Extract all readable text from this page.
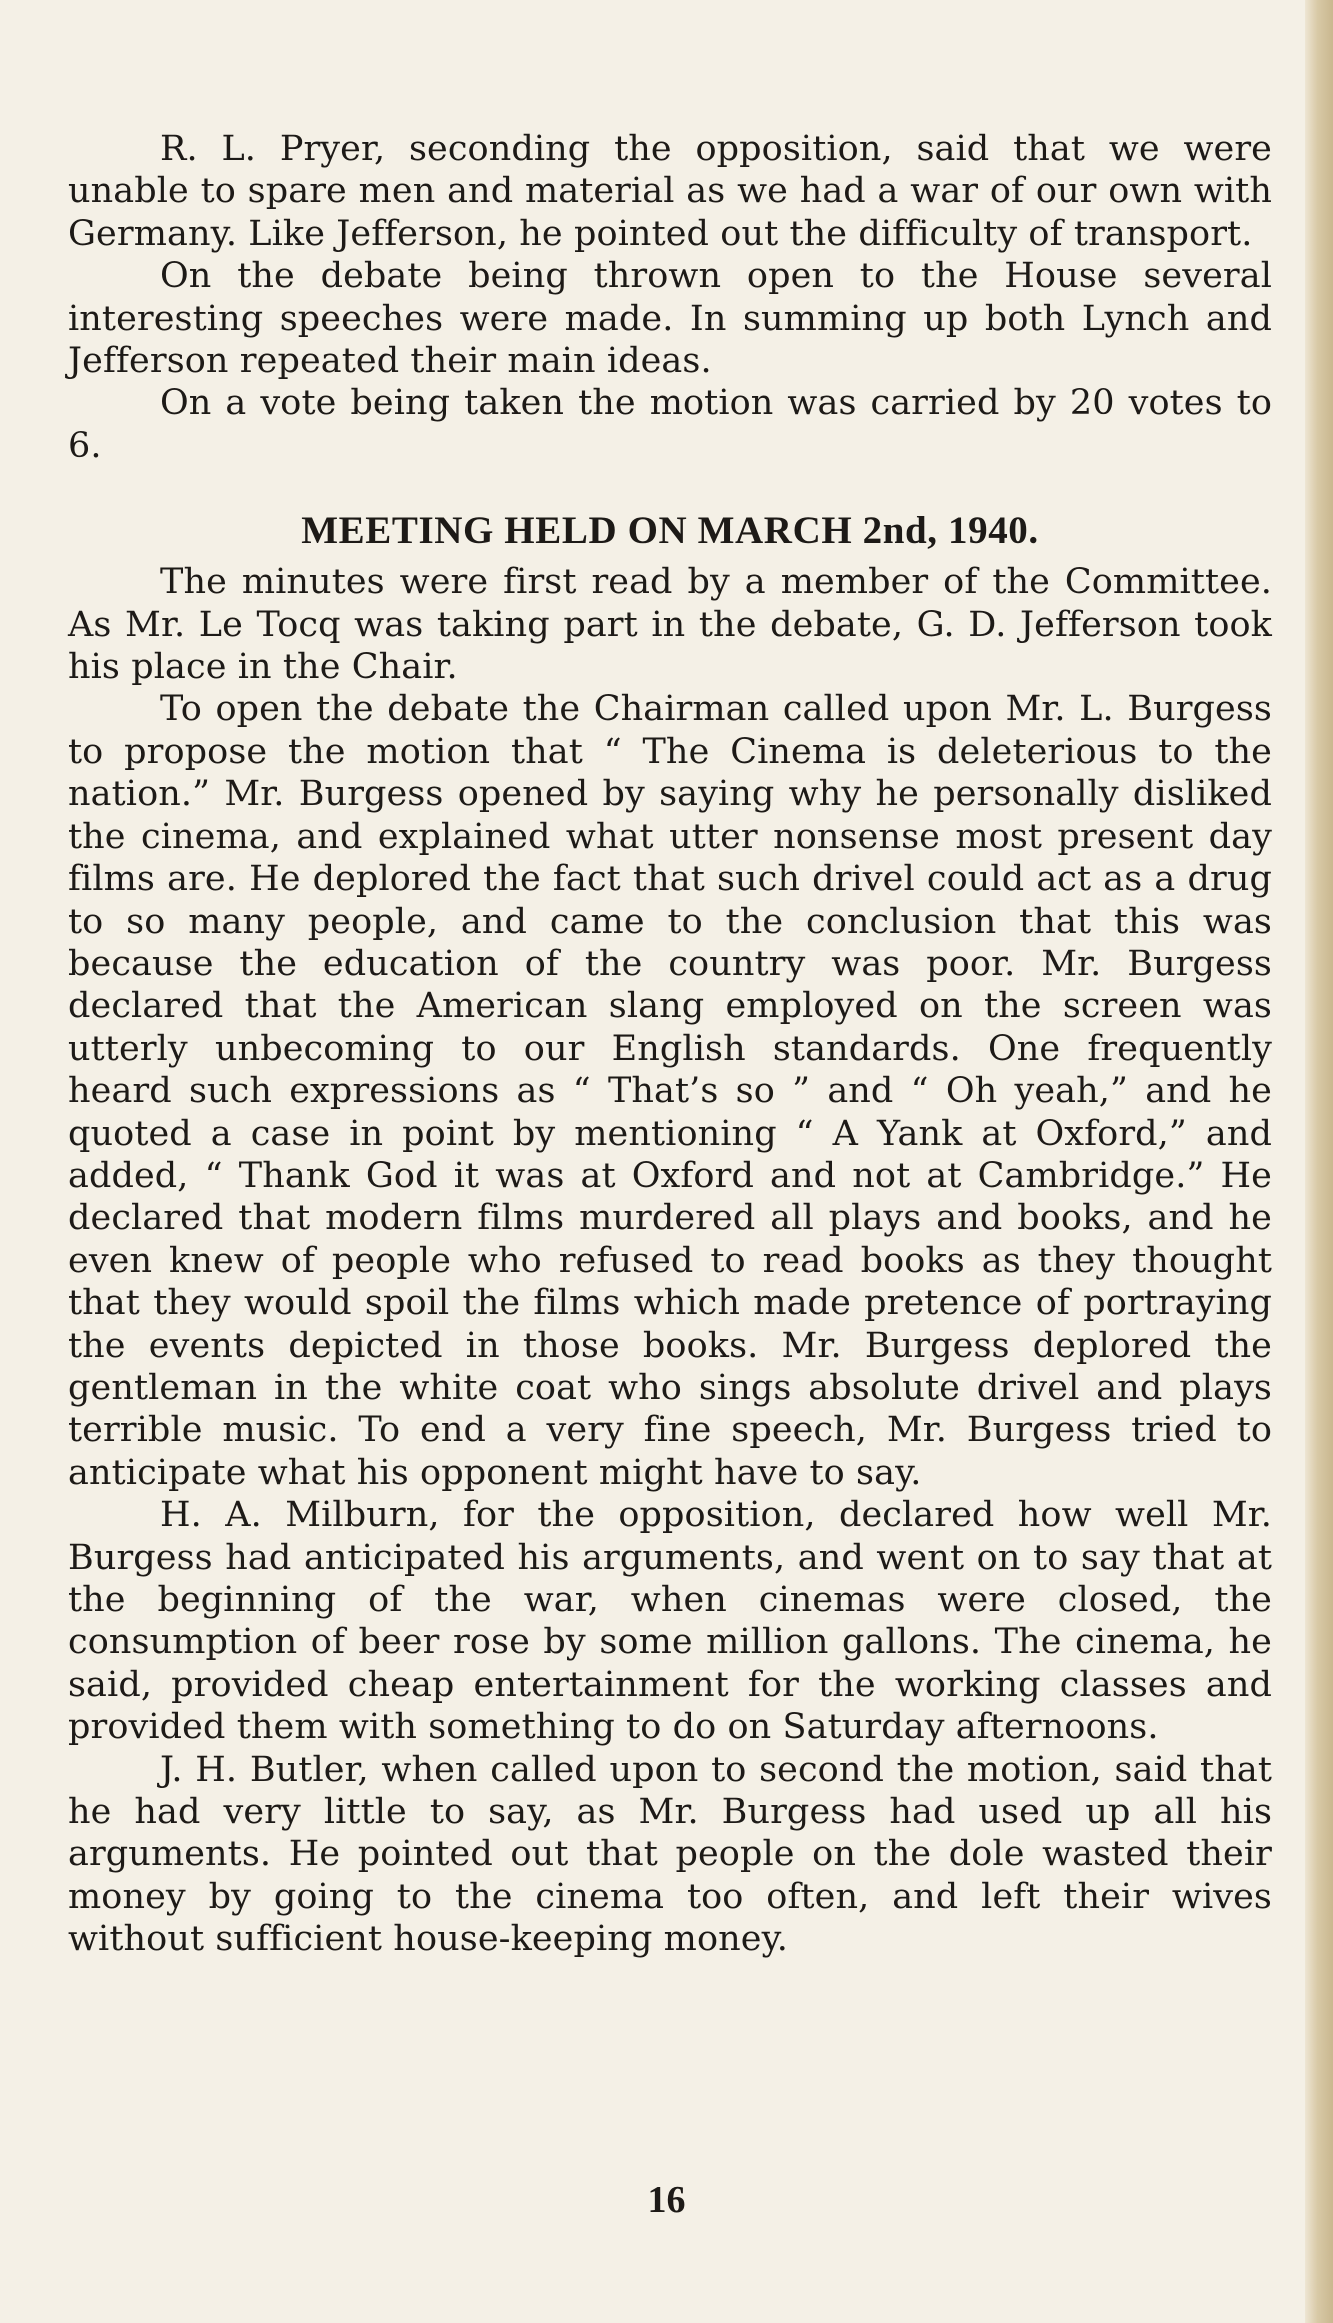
R. L. Pryer, seconding the opposition, said that we were unable to spare men and material as we had a war of our own with Germany. Like Jefferson, he pointed out the difficulty of transport.

On the debate being thrown open to the House several interesting speeches were made. In summing up both Lynch and Jefferson repeated their main ideas.

On a vote being taken the motion was carried by 20 votes to 6.

MEETING HELD ON MARCH 2nd, 1940.

The minutes were first read by a member of the Committee. As Mr. Le Tocq was taking part in the debate, G. D. Jefferson took his place in the Chair.

To open the debate the Chairman called upon Mr. L. Burgess to propose the motion that “ The Cinema is deleterious to the nation.” Mr. Burgess opened by saying why he personally disliked the cinema, and explained what utter nonsense most present day films are. He deplored the fact that such drivel could act as a drug to so many people, and came to the conclusion that this was because the education of the country was poor. Mr. Burgess declared that the American slang employed on the screen was utterly unbecoming to our English standards. One frequently heard such expressions as “ That’s so ” and “ Oh yeah,” and he quoted a case in point by mentioning “ A Yank at Oxford,” and added, “ Thank God it was at Oxford and not at Cambridge.” He declared that modern films murdered all plays and books, and he even knew of people who refused to read books as they thought that they would spoil the films which made pretence of portraying the events depicted in those books. Mr. Burgess deplored the gentleman in the white coat who sings absolute drivel and plays terrible music. To end a very fine speech, Mr. Burgess tried to anticipate what his opponent might have to say.

H. A. Milburn, for the opposition, declared how well Mr. Burgess had anticipated his arguments, and went on to say that at the beginning of the war, when cinemas were closed, the consumption of beer rose by some million gallons. The cinema, he said, provided cheap entertainment for the working classes and provided them with something to do on Saturday afternoons.

J. H. Butler, when called upon to second the motion, said that he had very little to say, as Mr. Burgess had used up all his arguments. He pointed out that people on the dole wasted their money by going to the cinema too often, and left their wives without sufficient house-keeping money.

16
